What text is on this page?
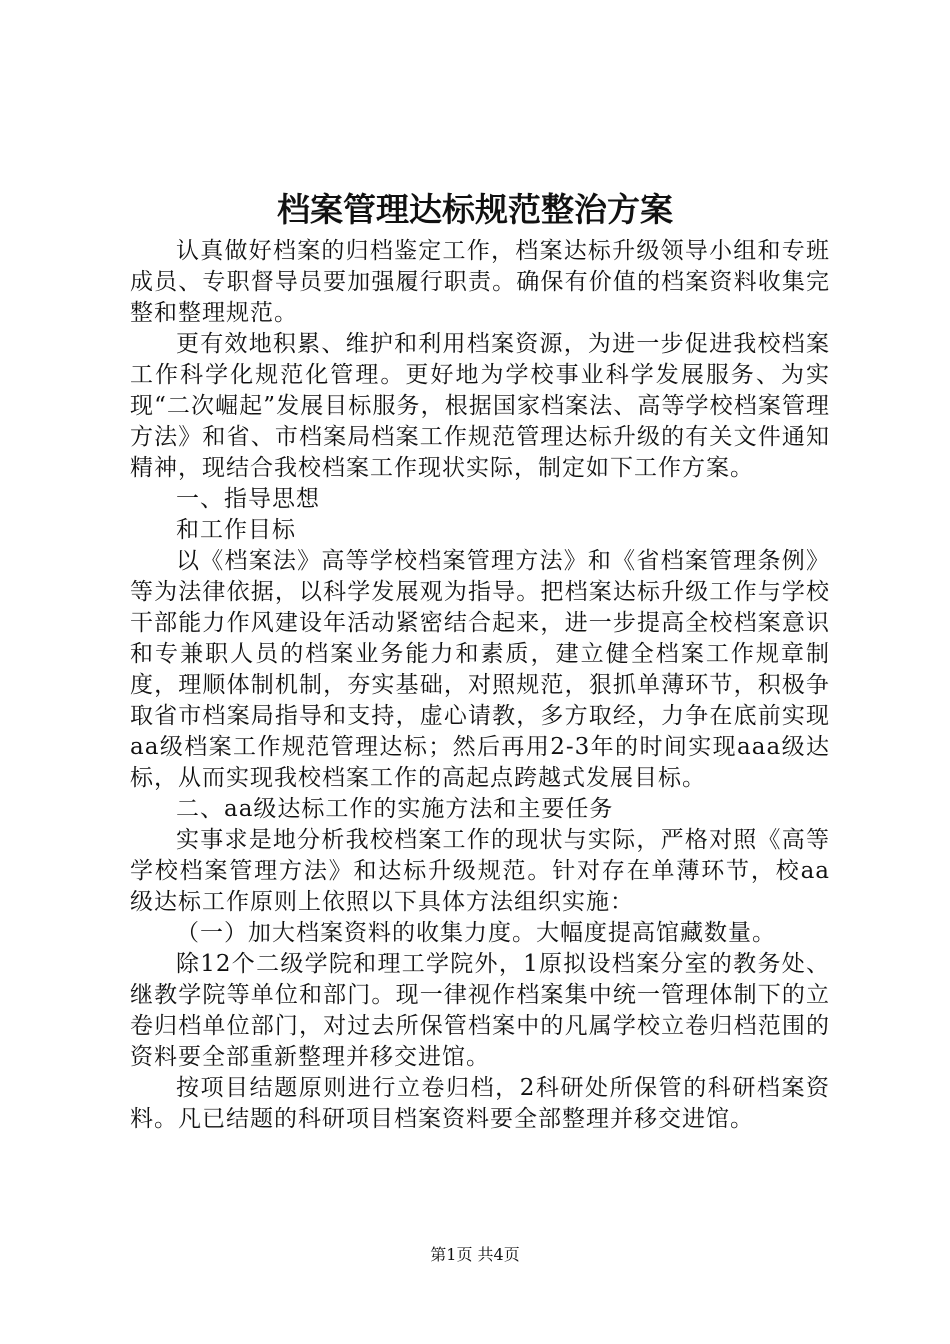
档案管理达标规范整治方案

认真做好档案的归档鉴定工作，档案达标升级领导小组和专班成员、专职督导员要加强履行职责。确保有价值的档案资料收集完整和整理规范。

更有效地积累、维护和利用档案资源，为进一步促进我校档案工作科学化规范化管理。更好地为学校事业科学发展服务、为实现“二次崛起”发展目标服务，根据国家档案法、高等学校档案管理方法》和省、市档案局档案工作规范管理达标升级的有关文件通知精神，现结合我校档案工作现状实际，制定如下工作方案。

一、指导思想

和工作目标

以《档案法》高等学校档案管理方法》和《省档案管理条例》等为法律依据，以科学发展观为指导。把档案达标升级工作与学校干部能力作风建设年活动紧密结合起来，进一步提高全校档案意识和专兼职人员的档案业务能力和素质，建立健全档案工作规章制度，理顺体制机制，夯实基础，对照规范，狠抓单薄环节，积极争取省市档案局指导和支持，虚心请教，多方取经，力争在底前实现aa级档案工作规范管理达标；然后再用2-3年的时间实现aaa级达标，从而实现我校档案工作的高起点跨越式发展目标。

二、aa级达标工作的实施方法和主要任务

实事求是地分析我校档案工作的现状与实际，严格对照《高等学校档案管理方法》和达标升级规范。针对存在单薄环节，校aa级达标工作原则上依照以下具体方法组织实施：

（一）加大档案资料的收集力度。大幅度提高馆藏数量。

除12个二级学院和理工学院外，1原拟设档案分室的教务处、继教学院等单位和部门。现一律视作档案集中统一管理体制下的立卷归档单位部门，对过去所保管档案中的凡属学校立卷归档范围的资料要全部重新整理并移交进馆。

按项目结题原则进行立卷归档，2科研处所保管的科研档案资料。凡已结题的科研项目档案资料要全部整理并移交进馆。

第1页 共4页
